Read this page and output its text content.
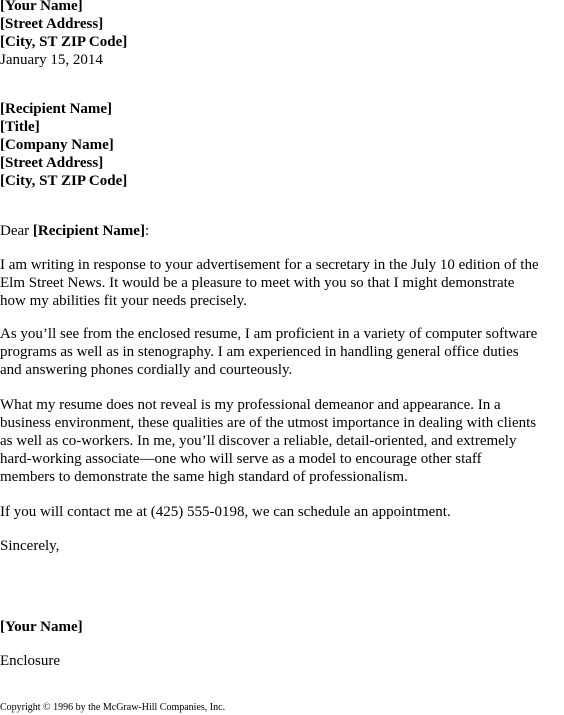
[Your Name]
[Street Address]
[City, ST ZIP Code]
January 15, 2014
[Recipient Name]
[Title]
[Company Name]
[Street Address]
[City, ST ZIP Code]
Dear [Recipient Name]:
I am writing in response to your advertisement for a secretary in the July 10 edition of the
Elm Street News. It would be a pleasure to meet with you so that I might demonstrate
how my abilities fit your needs precisely.
As you’ll see from the enclosed resume, I am proficient in a variety of computer software
programs as well as in stenography. I am experienced in handling general office duties
and answering phones cordially and courteously.
What my resume does not reveal is my professional demeanor and appearance. In a
business environment, these qualities are of the utmost importance in dealing with clients
as well as co-workers. In me, you’ll discover a reliable, detail-oriented, and extremely
hard-working associate—one who will serve as a model to encourage other staff
members to demonstrate the same high standard of professionalism.
If you will contact me at (425) 555-0198, we can schedule an appointment.
Sincerely,
[Your Name]
Enclosure
Copyright © 1996 by the McGraw-Hill Companies, Inc.
